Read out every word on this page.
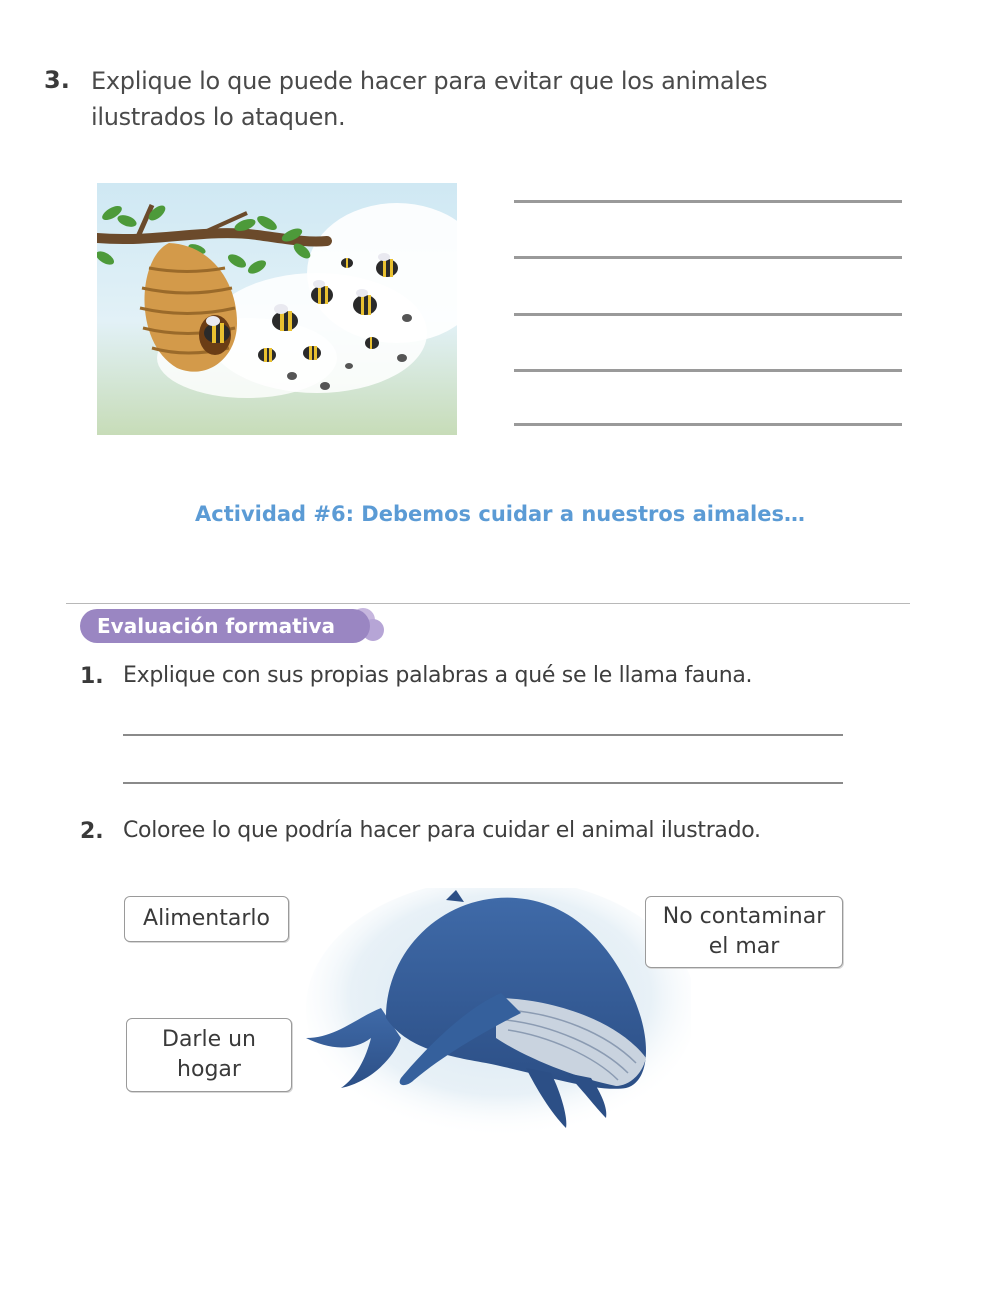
3. Explique lo que puede hacer para evitar que los animales
ilustrados lo ataquen.
Actividad #6: Debemos cuidar a nuestros aimales…
Evaluación formativa
1. Explique con sus propias palabras a qué se le llama fauna.
2. Coloree lo que podría hacer para cuidar el animal ilustrado.
Alimentarlo	No contaminar
el mar
Darle un
hogar
